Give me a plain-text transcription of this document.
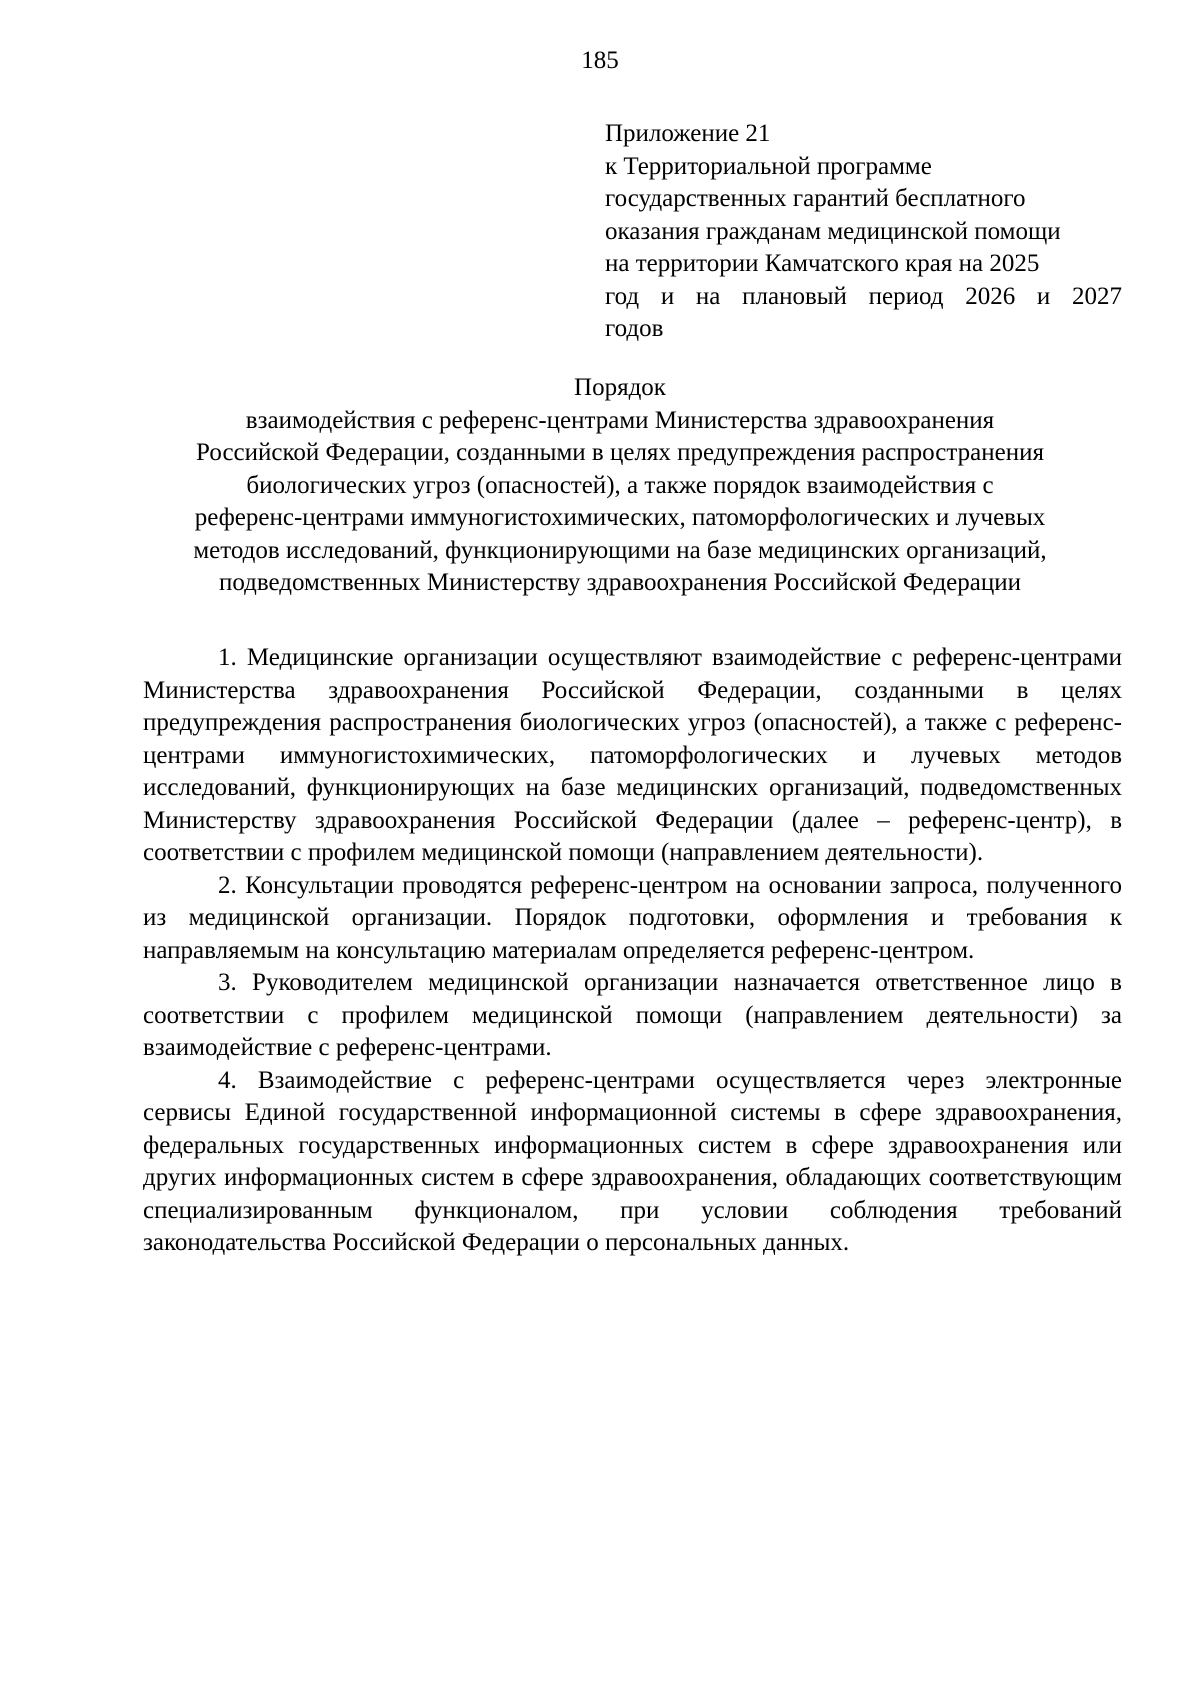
185
Приложение 21
к Территориальной программе
государственных гарантий бесплатного
оказания гражданам медицинской помощи
на территории Камчатского края на 2025
год и на плановый период 2026 и 2027
годов
Порядок
взаимодействия с референс-центрами Министерства здравоохранения
Российской Федерации, созданными в целях предупреждения распространения
биологических угроз (опасностей), а также порядок взаимодействия с
референс-центрами иммуногистохимических, патоморфологических и лучевых
методов исследований, функционирующими на базе медицинских организаций,
подведомственных Министерству здравоохранения Российской Федерации

1. Медицинские организации осуществляют взаимодействие с референс-центрами Министерства здравоохранения Российской Федерации, созданными в целях предупреждения распространения биологических угроз (опасностей), а также с референс-центрами иммуногистохимических, патоморфологических и лучевых методов исследований, функционирующих на базе медицинских организаций, подведомственных Министерству здравоохранения Российской Федерации (далее – референс-центр), в соответствии с профилем медицинской помощи (направлением деятельности).

2. Консультации проводятся референс-центром на основании запроса, полученного из медицинской организации. Порядок подготовки, оформления и требования к направляемым на консультацию материалам определяется референс-центром.

3. Руководителем медицинской организации назначается ответственное лицо в соответствии с профилем медицинской помощи (направлением деятельности) за взаимодействие с референс-центрами.

4. Взаимодействие с референс-центрами осуществляется через электронные сервисы Единой государственной информационной системы в сфере здравоохранения, федеральных государственных информационных систем в сфере здравоохранения или других информационных систем в сфере здравоохранения, обладающих соответствующим специализированным функционалом, при условии соблюдения требований законодательства Российской Федерации о персональных данных.
